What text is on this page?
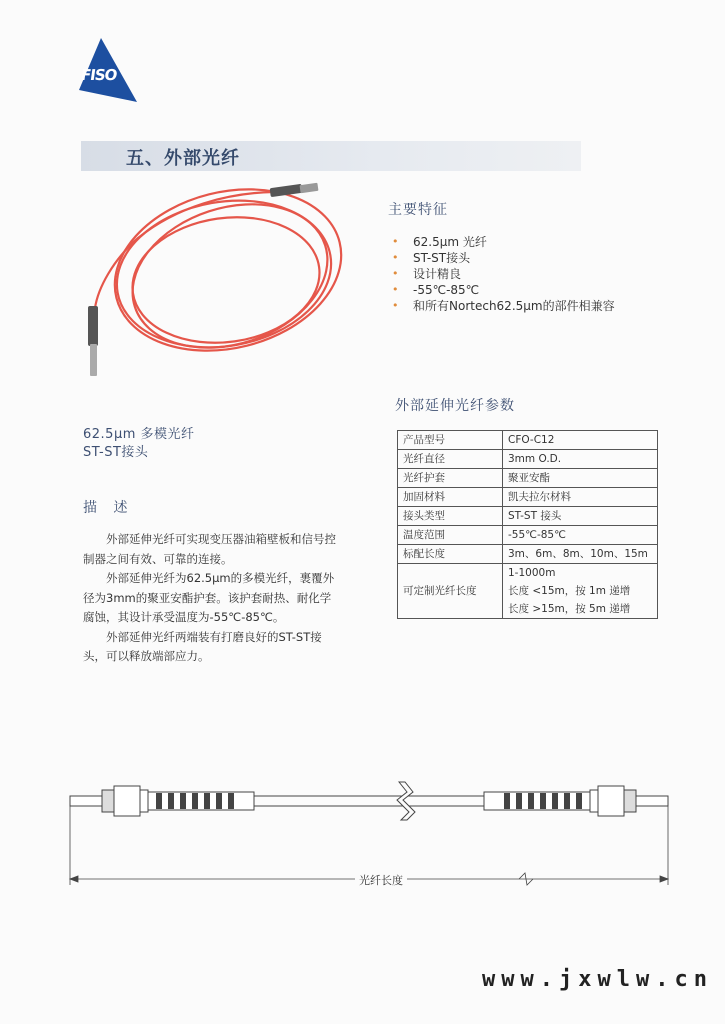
FISO
五、外部光纤
主要特征
• 62.5μm 光纤
• ST-ST接头
• 设计精良
• -55℃-85℃
• 和所有Nortech62.5μm的部件相兼容
外部延伸光纤参数
产品型号	CFO-C12
光纤直径	3mm O.D.
光纤护套	聚亚安酯
加固材料	凯夫拉尔材料
接头类型	ST-ST 接头
温度范围	-55℃-85℃
标配长度	3m、6m、8m、10m、15m
可定制光纤长度	1-1000m
长度 <15m，按 1m 递增
长度 >15m，按 5m 递增
62.5μm 多模光纤
ST-ST接头
描 述

外部延伸光纤可实现变压器油箱壁板和信号控制器之间有效、可靠的连接。

外部延伸光纤为62.5μm的多模光纤，裹覆外径为3mm的聚亚安酯护套。该护套耐热、耐化学腐蚀，其设计承受温度为-55℃-85℃。

外部延伸光纤两端装有打磨良好的ST-ST接头，可以释放端部应力。

光纤长度
www.jxwlw.cn
